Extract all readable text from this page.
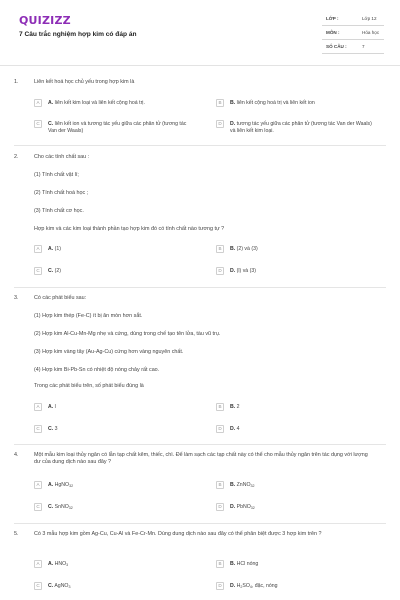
QUIZIZZ
7 Câu trắc nghiệm hợp kim có đáp án
LỚP :	Lớp 12
MÔN :	Hóa học
SỐ CÂU :	7
1.	Liên kết hoá học chủ yếu trong hợp kim là
A	A. liên kết kim loại và liên kết cộng hoá trị.	B	B. liên kết cộng hoá trị và liên kết ion
C	C. liên kết ion và tương tác yếu giữa các phân tử (tương tác Van der Waals)
D	D. tương tác yếu giữa các phân tử (tương tác Van der Waals) và liên kết kim loại.
2.	Cho các tính chất sau :
(1) Tính chất vật lí;
(2) Tính chất hoá học ;
(3) Tính chất cơ học.
Hợp kim và các kim loại thành phần tạo hợp kim đó có tính chất nào tương tự ?
A	A. (1)	B	B. (2) và (3)
C	C. (2)	D	D. (l) và (3)
3.	Có các phát biểu sau:
(1) Hợp kim thép (Fe-C) ít bị ăn mòn hơn sắt.
(2) Hợp kim Al-Cu-Mn-Mg nhẹ và cứng, dùng trong chế tạo tên lửa, tàu vũ trụ.
(3) Hợp kim vàng tây (Au-Ag-Cu) cứng hơn vàng nguyên chất.
(4) Hợp kim Bi-Pb-Sn có nhiệt độ nóng chảy rất cao.
Trong các phát biểu trên, số phát biểu đúng là
A	A. l	B	B. 2
C	C. 3	D	D. 4
4.	Một mẫu kim loại thủy ngân có lẫn tạp chất kẽm, thiếc, chì. Để làm sạch các tạp chất này có thể cho mẫu thủy ngân trên tác dụng với lượng dư của dung dịch nào sau đây ?
A	A. HgNO$_{32}$	B	B. ZnNO$_{32}$
C	C. SnNO$_{32}$	D	D. PbNO$_{32}$
5.	Có 3 mẫu hợp kim gồm Ag-Cu, Cu-Al và Fe-Cr-Mn. Dùng dung dịch nào sau đây có thể phân biệt được 3 hợp kim trên ?
A	A. $HNO_3$	B	B. HCl nóng
C	C. AgNO$_3$	D	D. $H_2SO_4$, đặc, nóng
